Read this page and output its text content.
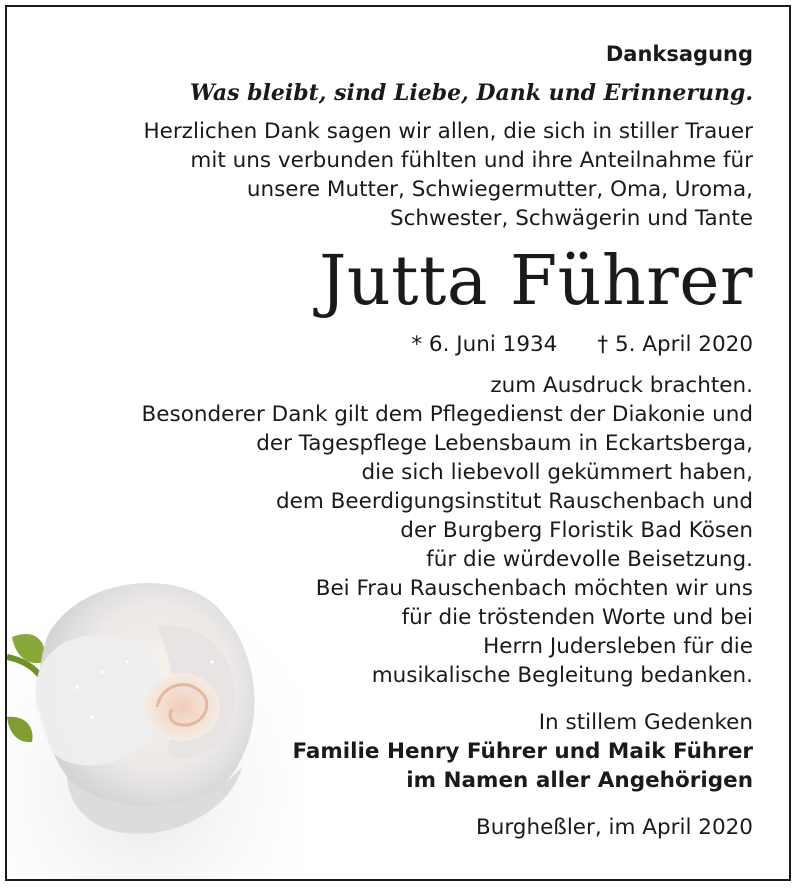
Danksagung

Was bleibt, sind Liebe, Dank und Erinnerung.

Herzlichen Dank sagen wir allen, die sich in stiller Trauer
mit uns verbunden fühlten und ihre Anteilnahme für
unsere Mutter, Schwiegermutter, Oma, Uroma,
Schwester, Schwägerin und Tante

Jutta Führer

* 6. Juni 1934 † 5. April 2020

zum Ausdruck brachten.
Besonderer Dank gilt dem Pflegedienst der Diakonie und
der Tagespflege Lebensbaum in Eckartsberga,
die sich liebevoll gekümmert haben,
dem Beerdigungsinstitut Rauschenbach und
der Burgberg Floristik Bad Kösen
für die würdevolle Beisetzung.
Bei Frau Rauschenbach möchten wir uns
für die tröstenden Worte und bei
Herrn Judersleben für die
musikalische Begleitung bedanken.

In stillem Gedenken
Familie Henry Führer und Maik Führer
im Namen aller Angehörigen

Burgheßler, im April 2020
